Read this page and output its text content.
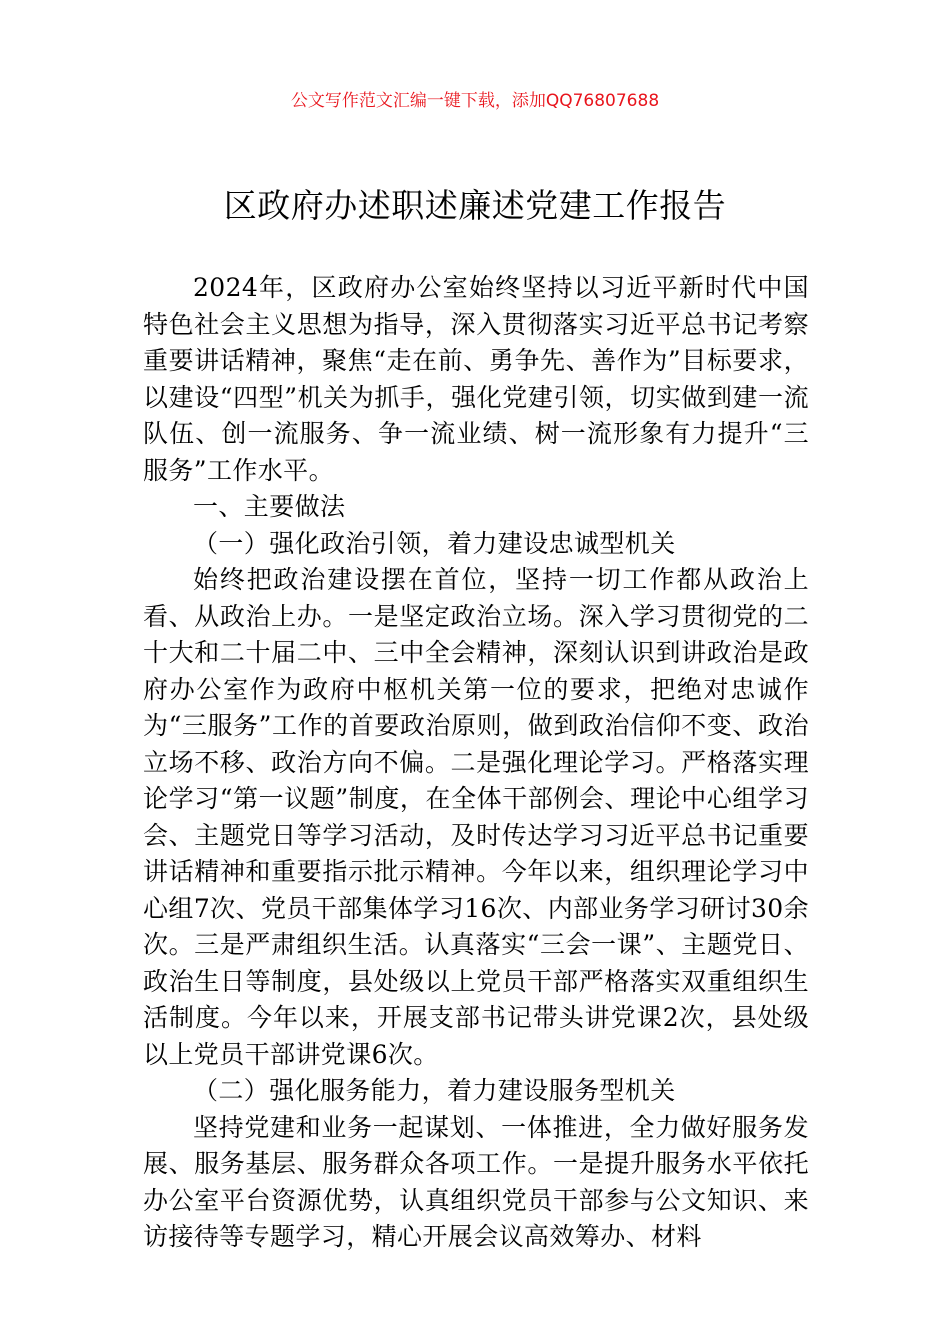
公文写作范文汇编一键下载，添加QQ76807688
区政府办述职述廉述党建工作报告

2024年，区政府办公室始终坚持以习近平新时代中国特色社会主义思想为指导，深入贯彻落实习近平总书记考察重要讲话精神，聚焦“走在前、勇争先、善作为”目标要求，以建设“四型”机关为抓手，强化党建引领，切实做到建一流队伍、创一流服务、争一流业绩、树一流形象有力提升“三服务”工作水平。

一、主要做法

（一）强化政治引领，着力建设忠诚型机关

始终把政治建设摆在首位，坚持一切工作都从政治上看、从政治上办。一是坚定政治立场。深入学习贯彻党的二十大和二十届二中、三中全会精神，深刻认识到讲政治是政府办公室作为政府中枢机关第一位的要求，把绝对忠诚作为“三服务”工作的首要政治原则，做到政治信仰不变、政治立场不移、政治方向不偏。二是强化理论学习。严格落实理论学习“第一议题”制度，在全体干部例会、理论中心组学习会、主题党日等学习活动，及时传达学习习近平总书记重要讲话精神和重要指示批示精神。今年以来，组织理论学习中心组7次、党员干部集体学习16次、内部业务学习研讨30余次。三是严肃组织生活。认真落实“三会一课”、主题党日、政治生日等制度，县处级以上党员干部严格落实双重组织生活制度。今年以来，开展支部书记带头讲党课2次，县处级以上党员干部讲党课6次。

（二）强化服务能力，着力建设服务型机关

坚持党建和业务一起谋划、一体推进，全力做好服务发展、服务基层、服务群众各项工作。一是提升服务水平依托办公室平台资源优势，认真组织党员干部参与公文知识、来访接待等专题学习，精心开展会议高效筹办、材料
